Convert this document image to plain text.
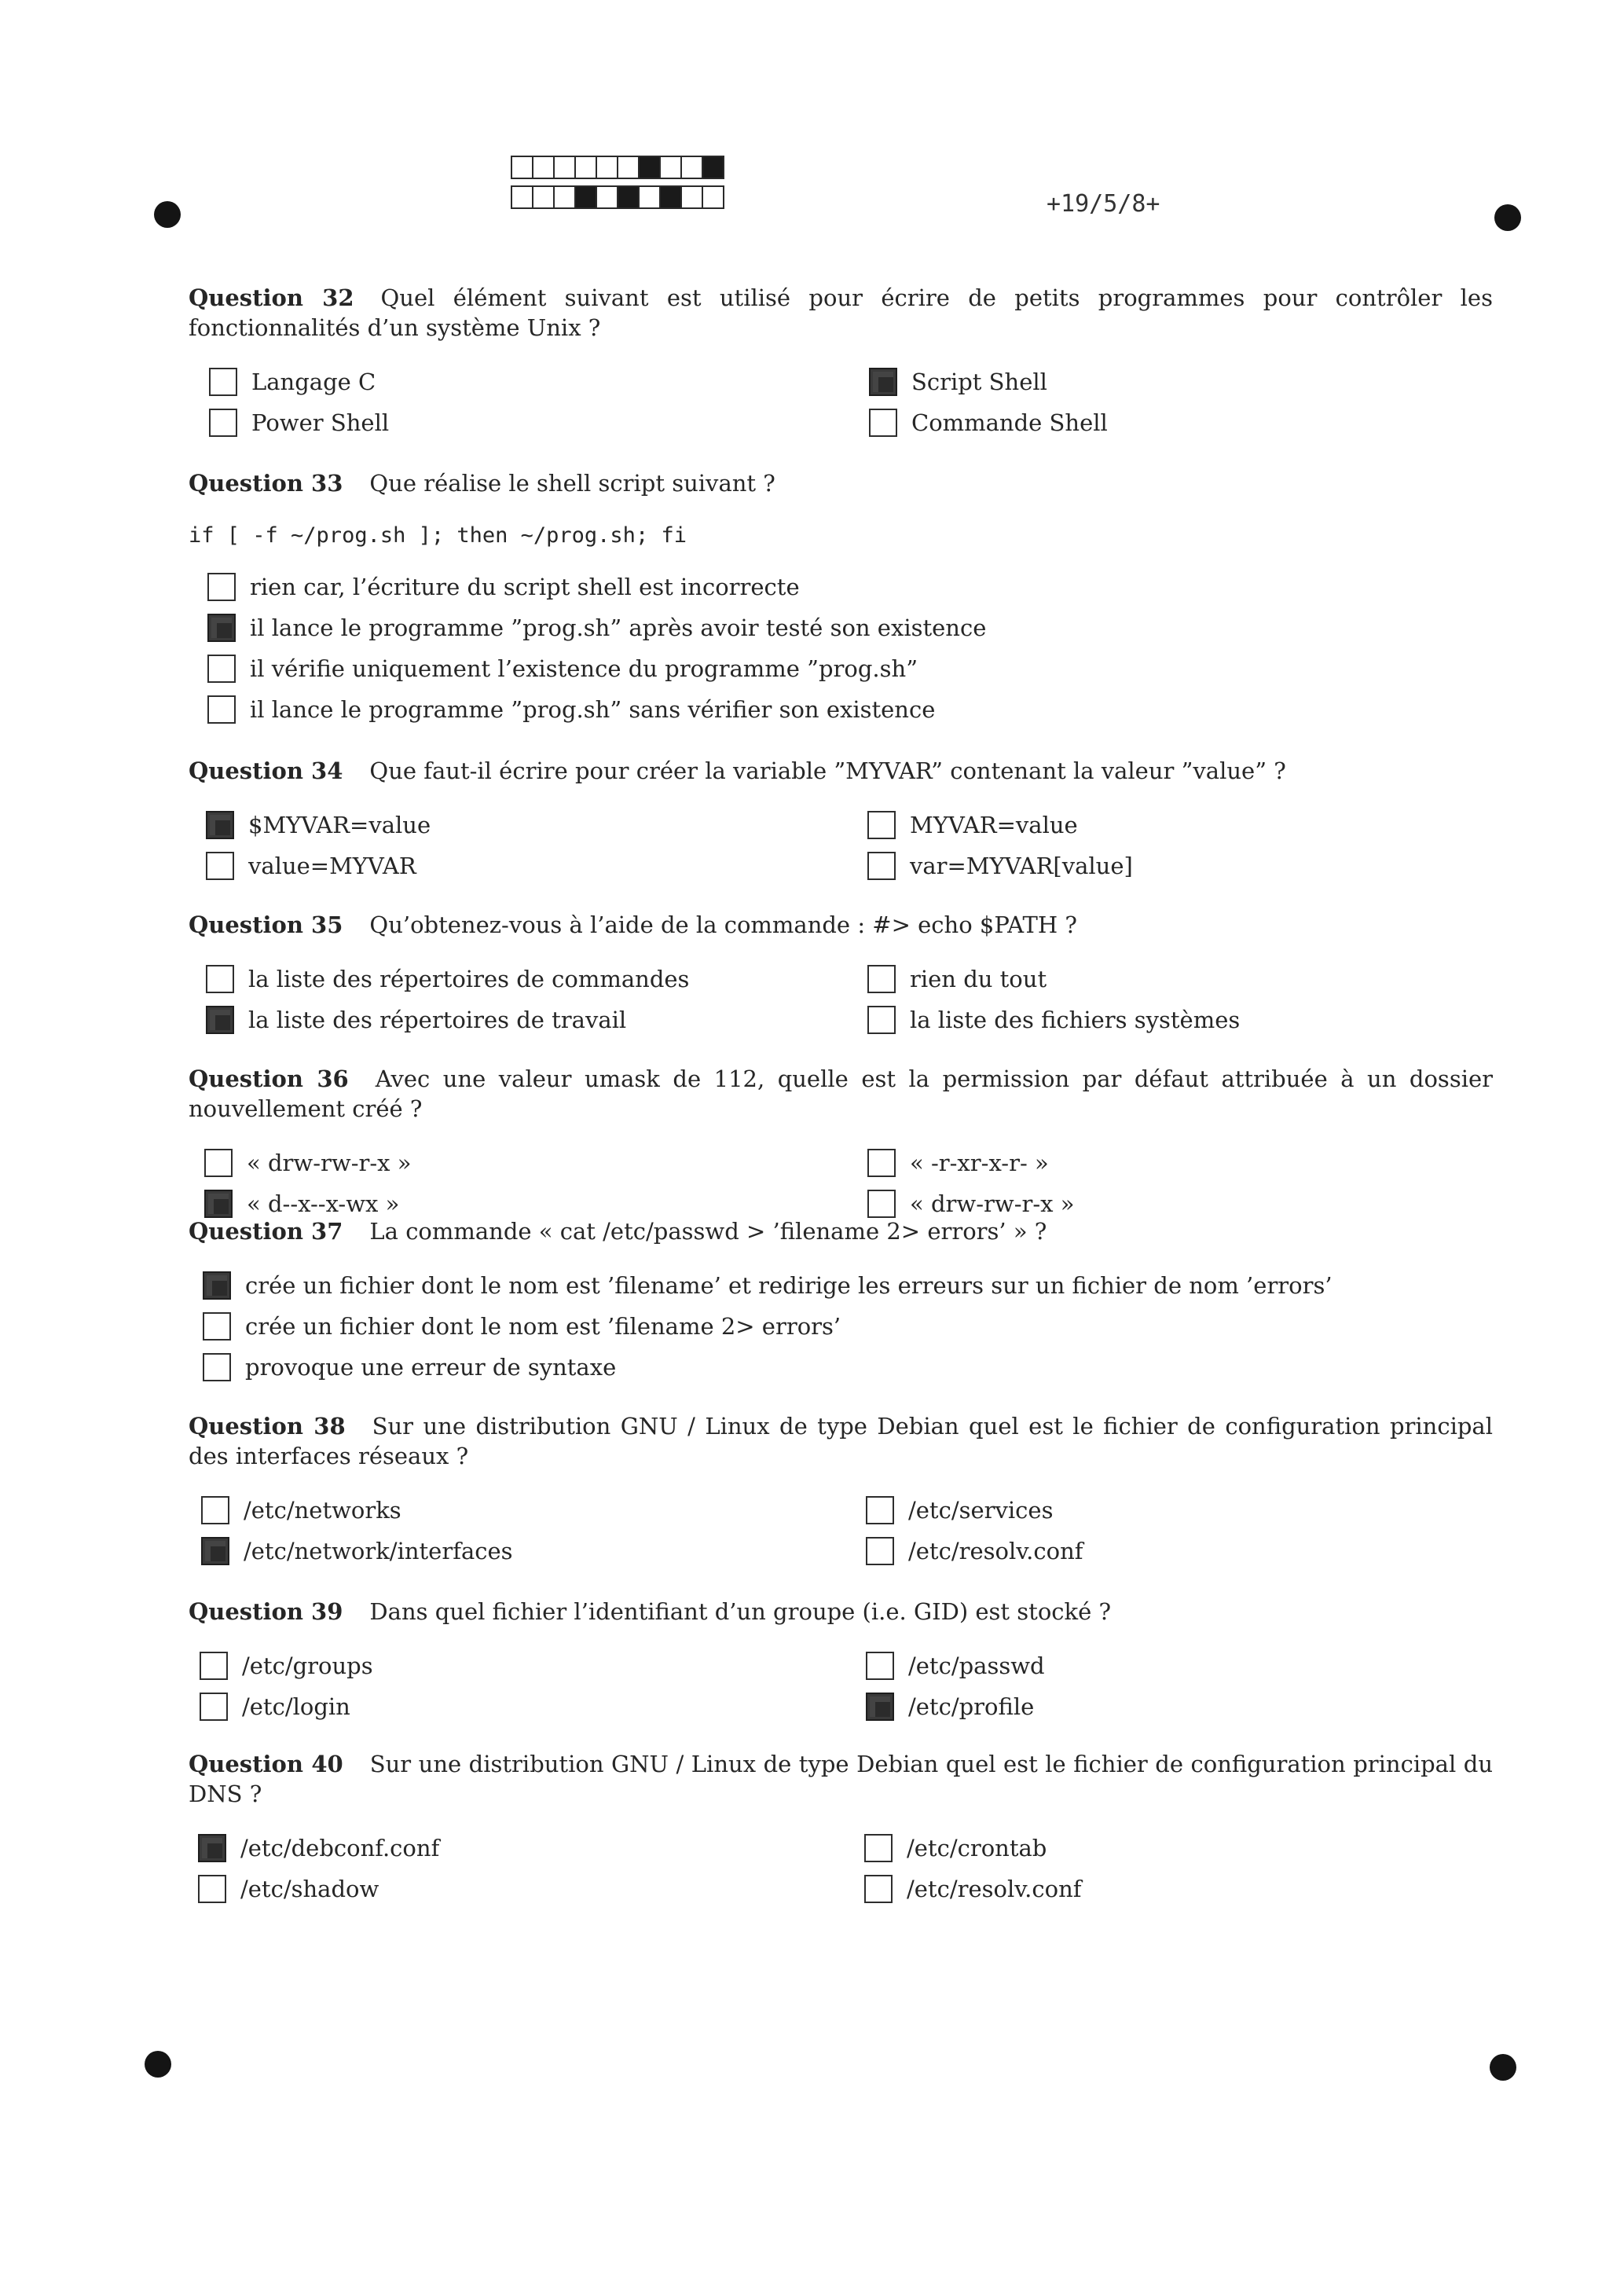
+19/5/8+
Question 32 Quel élément suivant est utilisé pour écrire de petits programmes pour contrôler les fonctionnalités d’un système Unix ?
Langage C	Script Shell
Power Shell	Commande Shell
Question 33 Que réalise le shell script suivant ?
if [ -f ~/prog.sh ]; then ~/prog.sh; fi
rien car, l’écriture du script shell est incorrecte
il lance le programme ”prog.sh” après avoir testé son existence
il vérifie uniquement l’existence du programme ”prog.sh”
il lance le programme ”prog.sh” sans vérifier son existence
Question 34 Que faut-il écrire pour créer la variable ”MYVAR” contenant la valeur ”value” ?
$MYVAR=value	MYVAR=value
value=MYVAR	var=MYVAR[value]
Question 35 Qu’obtenez-vous à l’aide de la commande : #> echo $PATH ?
la liste des répertoires de commandes	rien du tout
la liste des répertoires de travail	la liste des fichiers systèmes
Question 36 Avec une valeur umask de 112, quelle est la permission par défaut attribuée à un dossier nouvellement créé ?
« drw-rw-r-x »	« -r-xr-x-r- »
« d--x--x-wx »	« drw-rw-r-x »
Question 37 La commande « cat /etc/passwd > ’filename 2> errors’ » ?
crée un fichier dont le nom est ’filename’ et redirige les erreurs sur un fichier de nom ’errors’
crée un fichier dont le nom est ’filename 2> errors’
provoque une erreur de syntaxe
Question 38 Sur une distribution GNU / Linux de type Debian quel est le fichier de configuration principal des interfaces réseaux ?
/etc/networks	/etc/services
/etc/network/interfaces	/etc/resolv.conf
Question 39 Dans quel fichier l’identifiant d’un groupe (i.e. GID) est stocké ?
/etc/groups	/etc/passwd
/etc/login	/etc/profile
Question 40 Sur une distribution GNU / Linux de type Debian quel est le fichier de configuration principal du DNS ?
/etc/debconf.conf	/etc/crontab
/etc/shadow	/etc/resolv.conf
